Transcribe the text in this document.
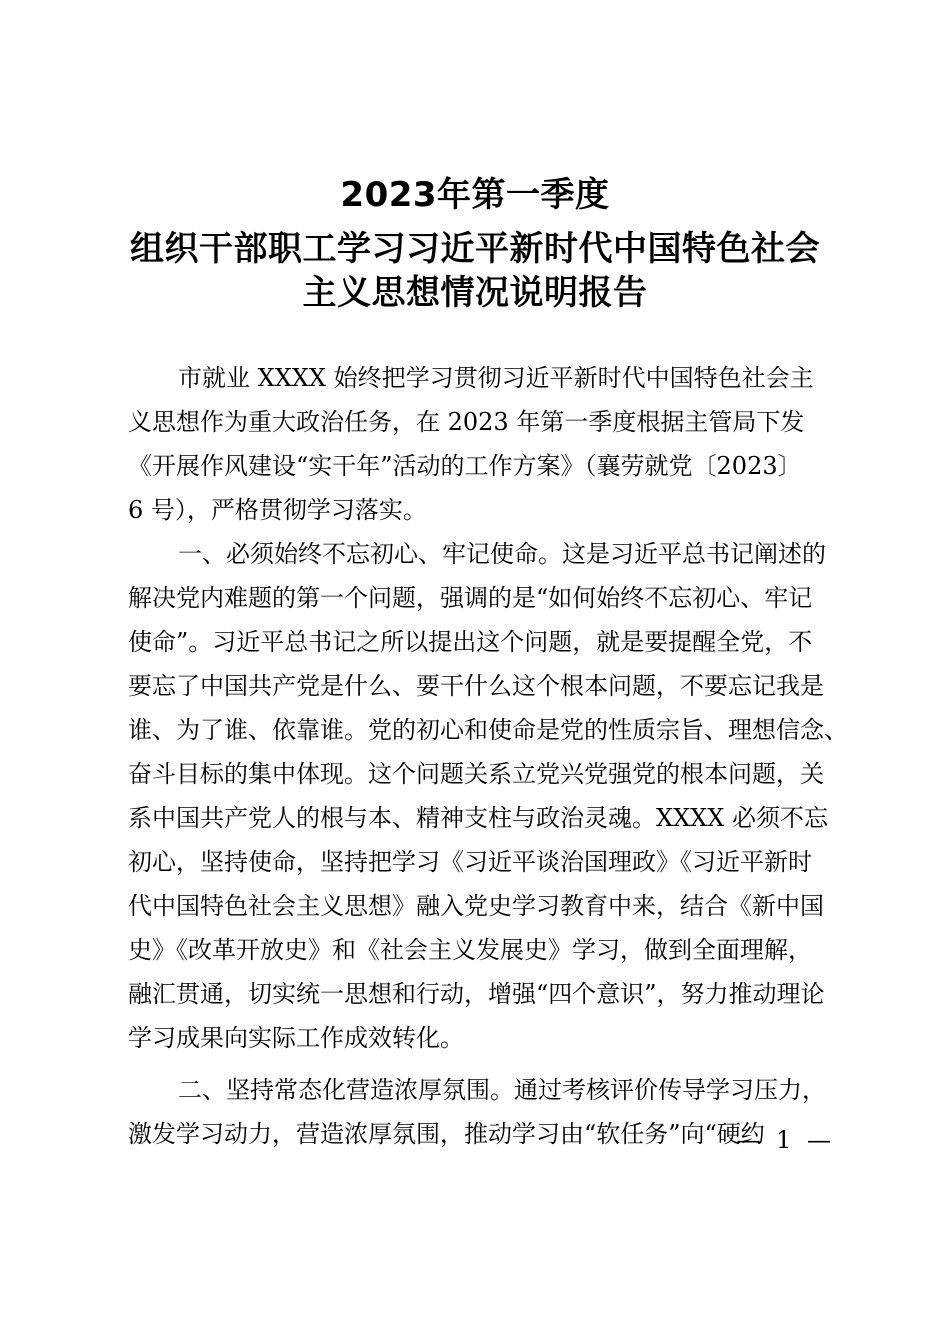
2023年第一季度
组织干部职工学习习近平新时代中国特色社会
主义思想情况说明报告
市就业 XXXX 始终把学习贯彻习近平新时代中国特色社会主
义思想作为重大政治任务，在 2023 年第一季度根据主管局下发
《开展作风建设“实干年”活动的工作方案》（襄劳就党〔2023〕
6 号），严格贯彻学习落实。
一、必须始终不忘初心、牢记使命。这是习近平总书记阐述的
解决党内难题的第一个问题，强调的是“如何始终不忘初心、牢记
使命”。习近平总书记之所以提出这个问题，就是要提醒全党，不
要忘了中国共产党是什么、要干什么这个根本问题，不要忘记我是
谁、为了谁、依靠谁。党的初心和使命是党的性质宗旨、理想信念、
奋斗目标的集中体现。这个问题关系立党兴党强党的根本问题，关
系中国共产党人的根与本、精神支柱与政治灵魂。XXXX 必须不忘
初心，坚持使命，坚持把学习《习近平谈治国理政》《习近平新时
代中国特色社会主义思想》融入党史学习教育中来，结合《新中国
史》《改革开放史》和《社会主义发展史》学习，做到全面理解，
融汇贯通，切实统一思想和行动，增强“四个意识”，努力推动理论
学习成果向实际工作成效转化。
二、坚持常态化营造浓厚氛围。通过考核评价传导学习压力，
激发学习动力，营造浓厚氛围，推动学习由“软任务”向“硬约
— 1 —
